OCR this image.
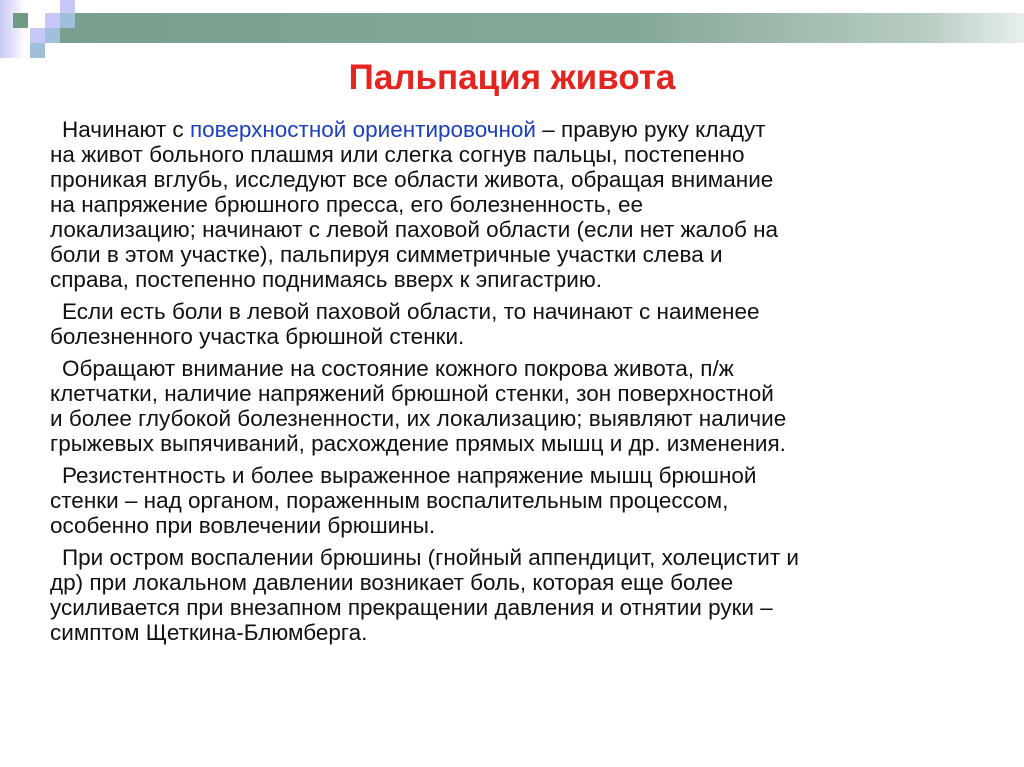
Пальпация живота
Начинают с поверхностной ориентировочной – правую руку кладут
на живот больного плашмя или слегка согнув пальцы, постепенно
проникая вглубь, исследуют все области живота, обращая внимание
на напряжение брюшного пресса, его болезненность, ее
локализацию; начинают с левой паховой области (если нет жалоб на
боли в этом участке), пальпируя симметричные участки слева и
справа, постепенно поднимаясь вверх к эпигастрию.
Если есть боли в левой паховой области, то начинают с наименее
болезненного участка брюшной стенки.
Обращают внимание на состояние кожного покрова живота, п/ж
клетчатки, наличие напряжений брюшной стенки, зон поверхностной
и более глубокой болезненности, их локализацию; выявляют наличие
грыжевых выпячиваний, расхождение прямых мышц и др. изменения.
Резистентность и более выраженное напряжение мышц брюшной
стенки – над органом, пораженным воспалительным процессом,
особенно при вовлечении брюшины.
При остром воспалении брюшины (гнойный аппендицит, холецистит и
др) при локальном давлении возникает боль, которая еще более
усиливается при внезапном прекращении давления и отнятии руки –
симптом Щеткина-Блюмберга.
